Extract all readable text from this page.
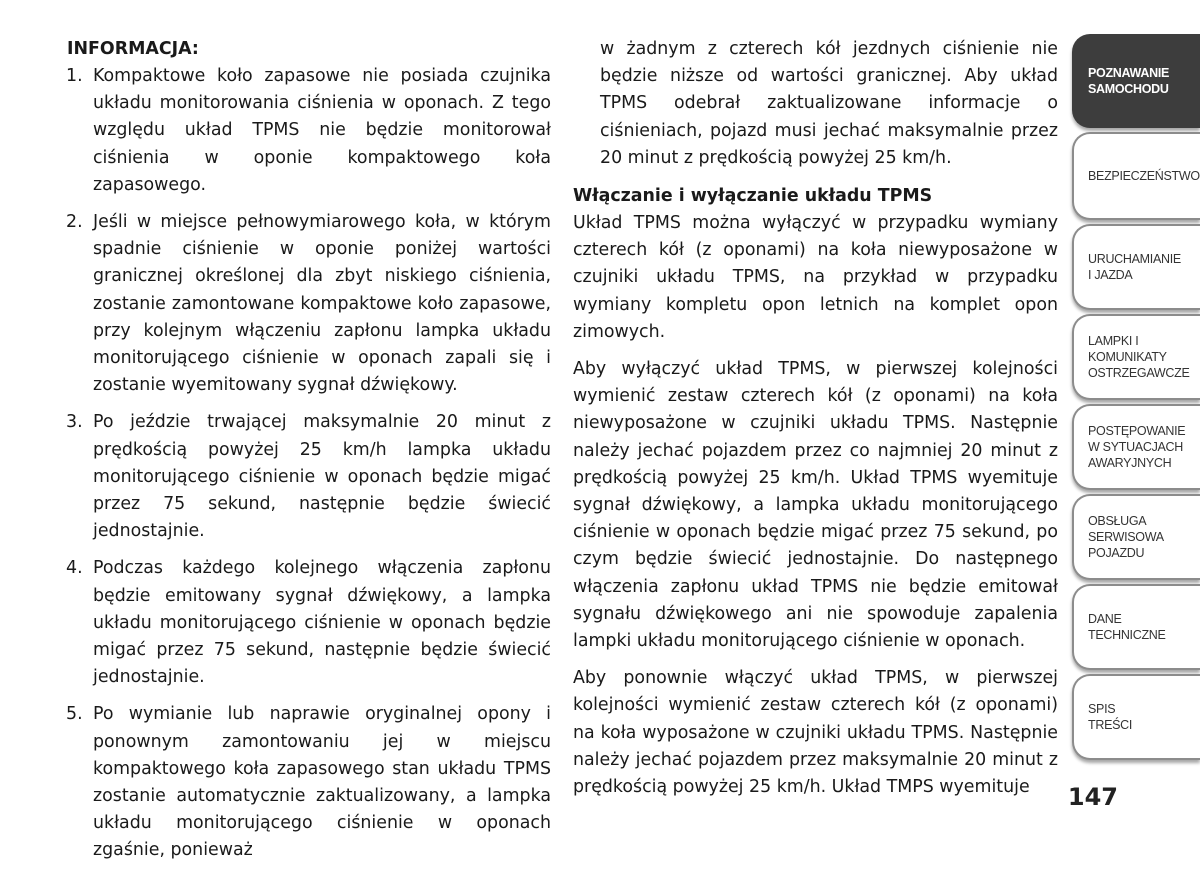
INFORMACJA:
1. Kompaktowe koło zapasowe nie posiada czujnika układu monitorowania ciśnienia w oponach. Z tego względu układ TPMS nie będzie monitorował ciśnienia w oponie kompaktowego koła zapasowego.
2. Jeśli w miejsce pełnowymiarowego koła, w którym spadnie ciśnienie w oponie poniżej wartości granicznej określonej dla zbyt niskiego ciśnienia, zostanie zamontowane kompaktowe koło zapasowe, przy kolejnym włączeniu zapłonu lampka układu monitorującego ciśnienie w oponach zapali się i zostanie wyemitowany sygnał dźwiękowy.
3. Po jeździe trwającej maksymalnie 20 minut z prędkością powyżej 25 km/h lampka układu monitorującego ciśnienie w oponach będzie migać przez 75 sekund, następnie będzie świecić jednostajnie.
4. Podczas każdego kolejnego włączenia zapłonu będzie emitowany sygnał dźwiękowy, a lampka układu monitorującego ciśnienie w oponach będzie migać przez 75 sekund, następnie będzie świecić jednostajnie.
5. Po wymianie lub naprawie oryginalnej opony i ponownym zamontowaniu jej w miejscu kompaktowego koła zapasowego stan układu TPMS zostanie automatycznie zaktualizowany, a lampka układu monitorującego ciśnienie w oponach zgaśnie, ponieważ

w żadnym z czterech kół jezdnych ciśnienie nie będzie niższe od wartości granicznej. Aby układ TPMS odebrał zaktualizowane informacje o ciśnieniach, pojazd musi jechać maksymalnie przez 20 minut z prędkością powyżej 25 km/h.

Włączanie i wyłączanie układu TPMS

Układ TPMS można wyłączyć w przypadku wymiany czterech kół (z oponami) na koła niewyposażone w czujniki układu TPMS, na przykład w przypadku wymiany kompletu opon letnich na komplet opon zimowych.

Aby wyłączyć układ TPMS, w pierwszej kolejności wymienić zestaw czterech kół (z oponami) na koła niewyposażone w czujniki układu TPMS. Następnie należy jechać pojazdem przez co najmniej 20 minut z prędkością powyżej 25 km/h. Układ TPMS wyemituje sygnał dźwiękowy, a lampka układu monitorującego ciśnienie w oponach będzie migać przez 75 sekund, po czym będzie świecić jednostajnie. Do następnego włączenia zapłonu układ TPMS nie będzie emitował sygnału dźwiękowego ani nie spowoduje zapalenia lampki układu monitorującego ciśnienie w oponach.

Aby ponownie włączyć układ TPMS, w pierwszej kolejności wymienić zestaw czterech kół (z oponami) na koła wyposażone w czujniki układu TPMS. Następnie należy jechać pojazdem przez maksymalnie 20 minut z prędkością powyżej 25 km/h. Układ TMPS wyemituje

POZNAWANIE
SAMOCHODU
BEZPIECZEŃSTWO
URUCHAMIANIE
I JAZDA
LAMPKI I
KOMUNIKATY
OSTRZEGAWCZE
POSTĘPOWANIE
W SYTUACJACH
AWARYJNYCH
OBSŁUGA
SERWISOWA
POJAZDU
DANE
TECHNICZNE
SPIS
TREŚCI
147
